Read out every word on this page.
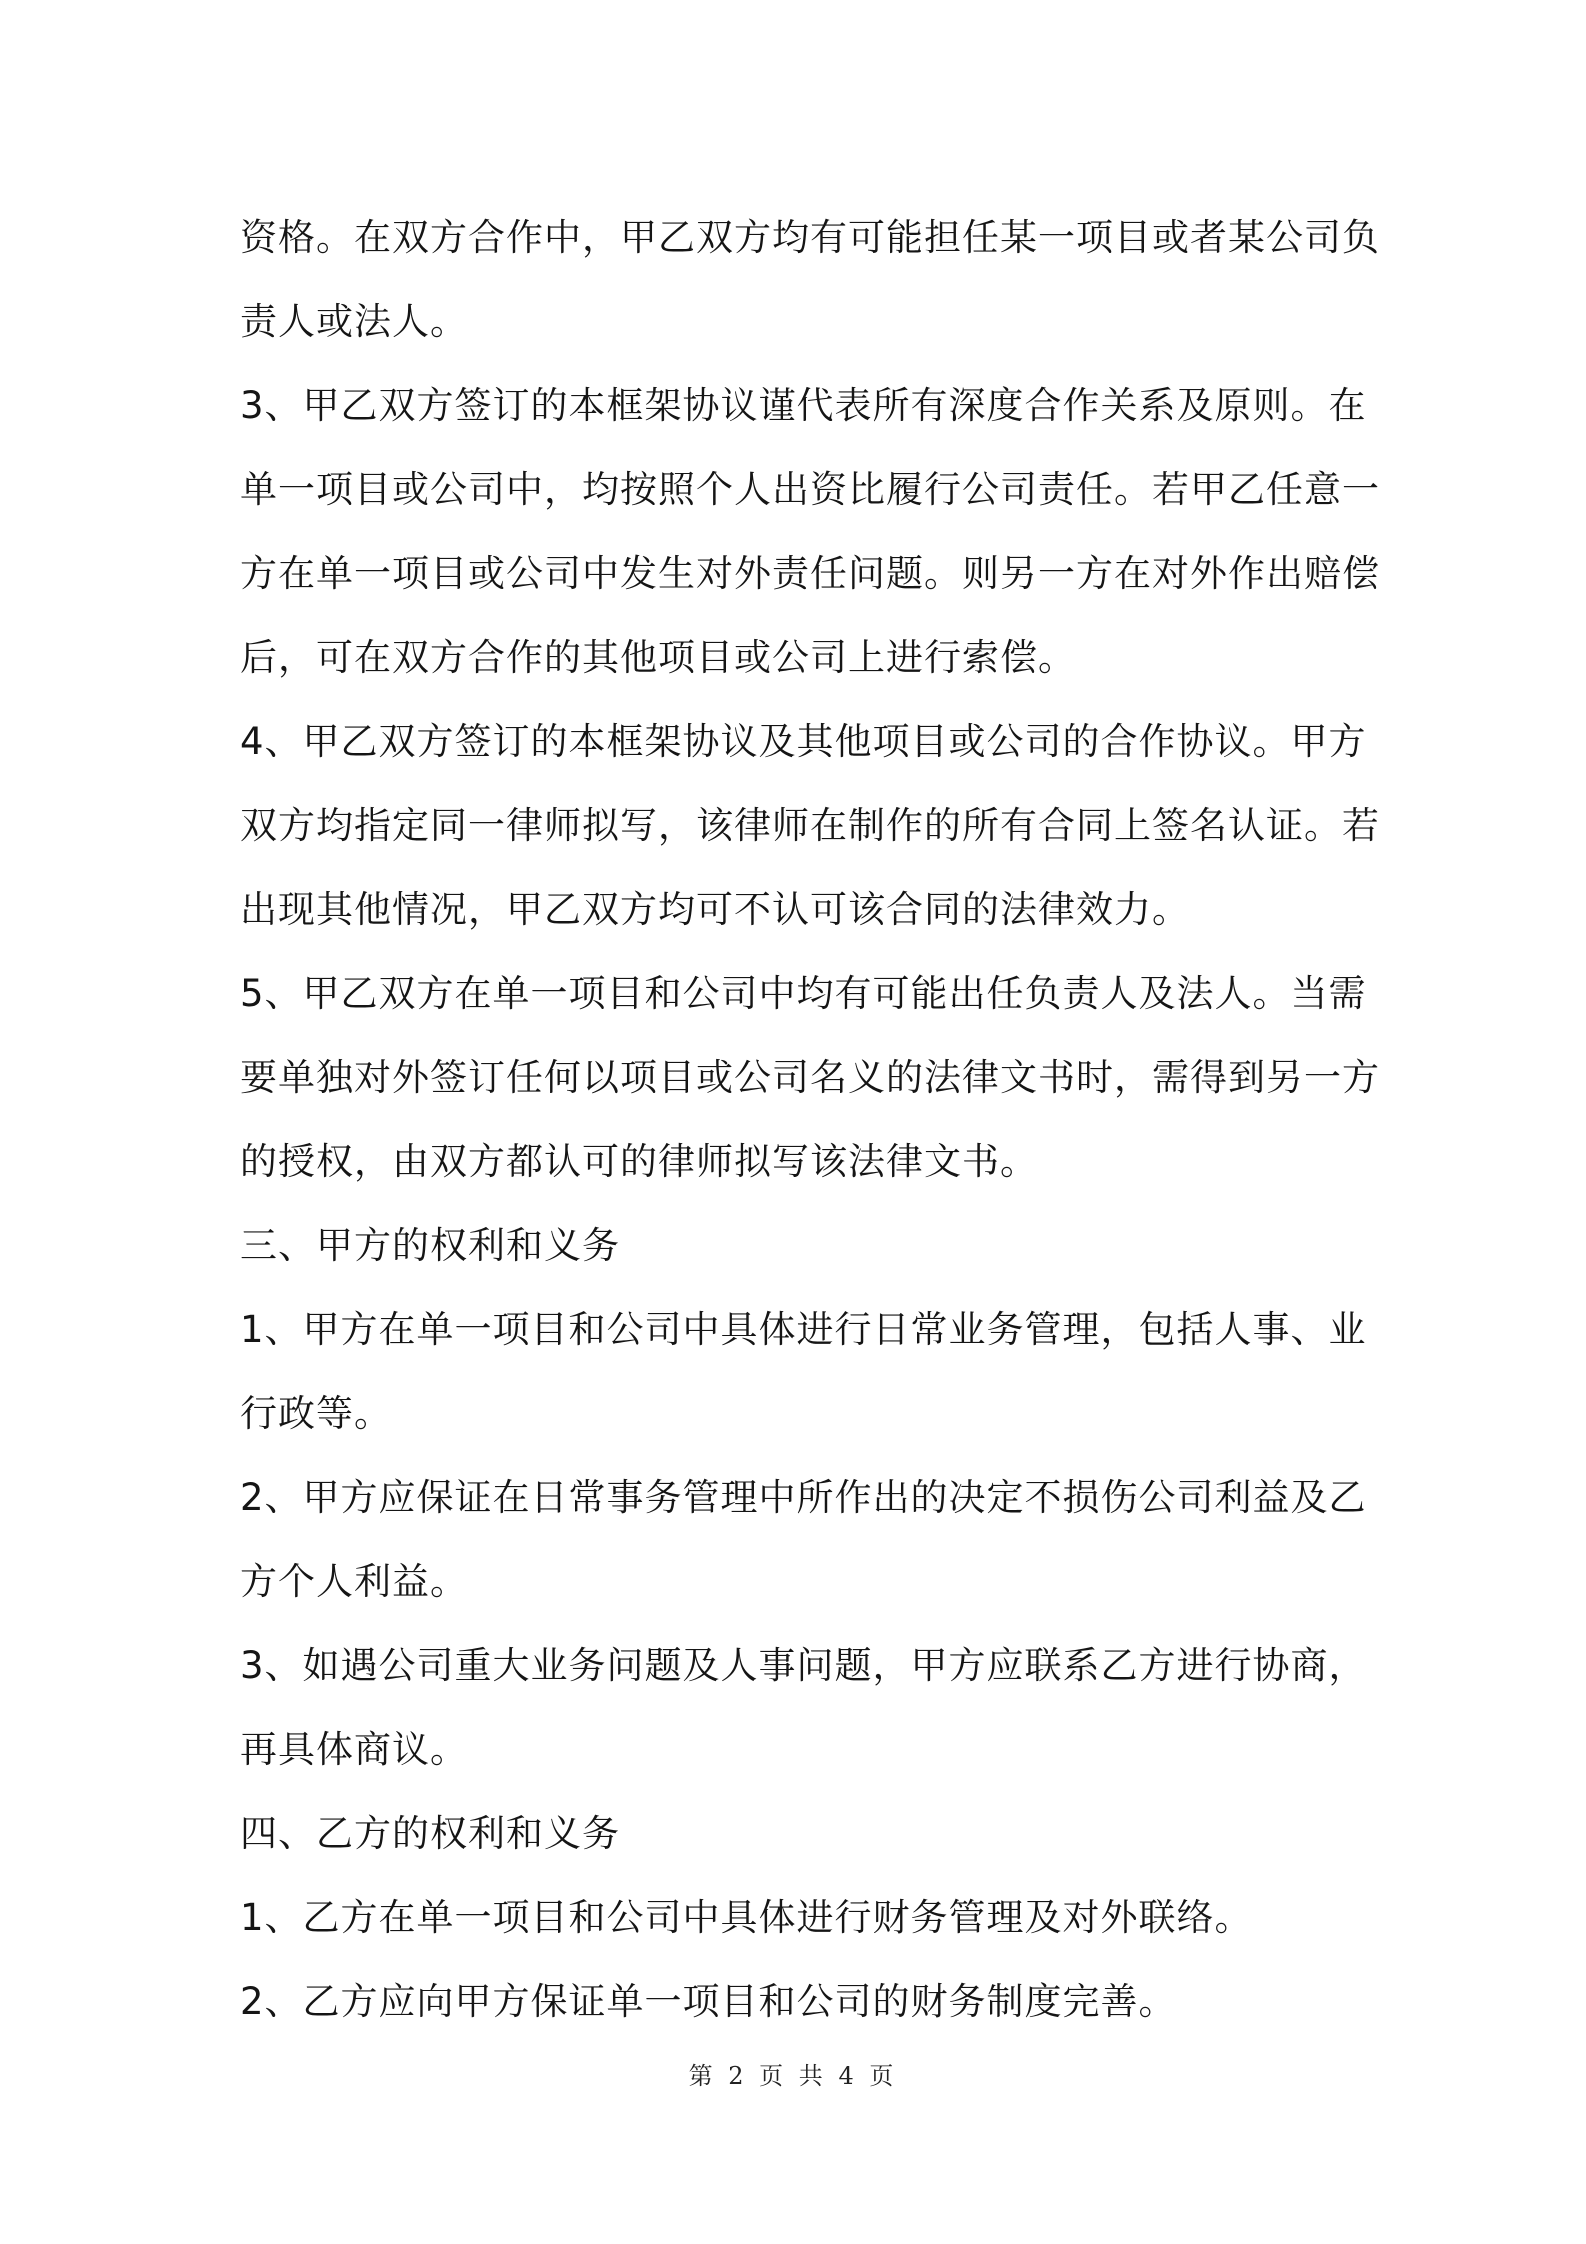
资格。在双方合作中，甲乙双方均有可能担任某一项目或者某公司负
责人或法人。
3、甲乙双方签订的本框架协议谨代表所有深度合作关系及原则。在
单一项目或公司中，均按照个人出资比履行公司责任。若甲乙任意一
方在单一项目或公司中发生对外责任问题。则另一方在对外作出赔偿
后，可在双方合作的其他项目或公司上进行索偿。
4、甲乙双方签订的本框架协议及其他项目或公司的合作协议。甲方
双方均指定同一律师拟写，该律师在制作的所有合同上签名认证。若
出现其他情况，甲乙双方均可不认可该合同的法律效力。
5、甲乙双方在单一项目和公司中均有可能出任负责人及法人。当需
要单独对外签订任何以项目或公司名义的法律文书时，需得到另一方
的授权，由双方都认可的律师拟写该法律文书。
三、甲方的权利和义务
1、甲方在单一项目和公司中具体进行日常业务管理，包括人事、业
行政等。
2、甲方应保证在日常事务管理中所作出的决定不损伤公司利益及乙
方个人利益。
3、如遇公司重大业务问题及人事问题，甲方应联系乙方进行协商，
再具体商议。
四、乙方的权利和义务
1、乙方在单一项目和公司中具体进行财务管理及对外联络。
2、乙方应向甲方保证单一项目和公司的财务制度完善。
第 2 页 共 4 页
